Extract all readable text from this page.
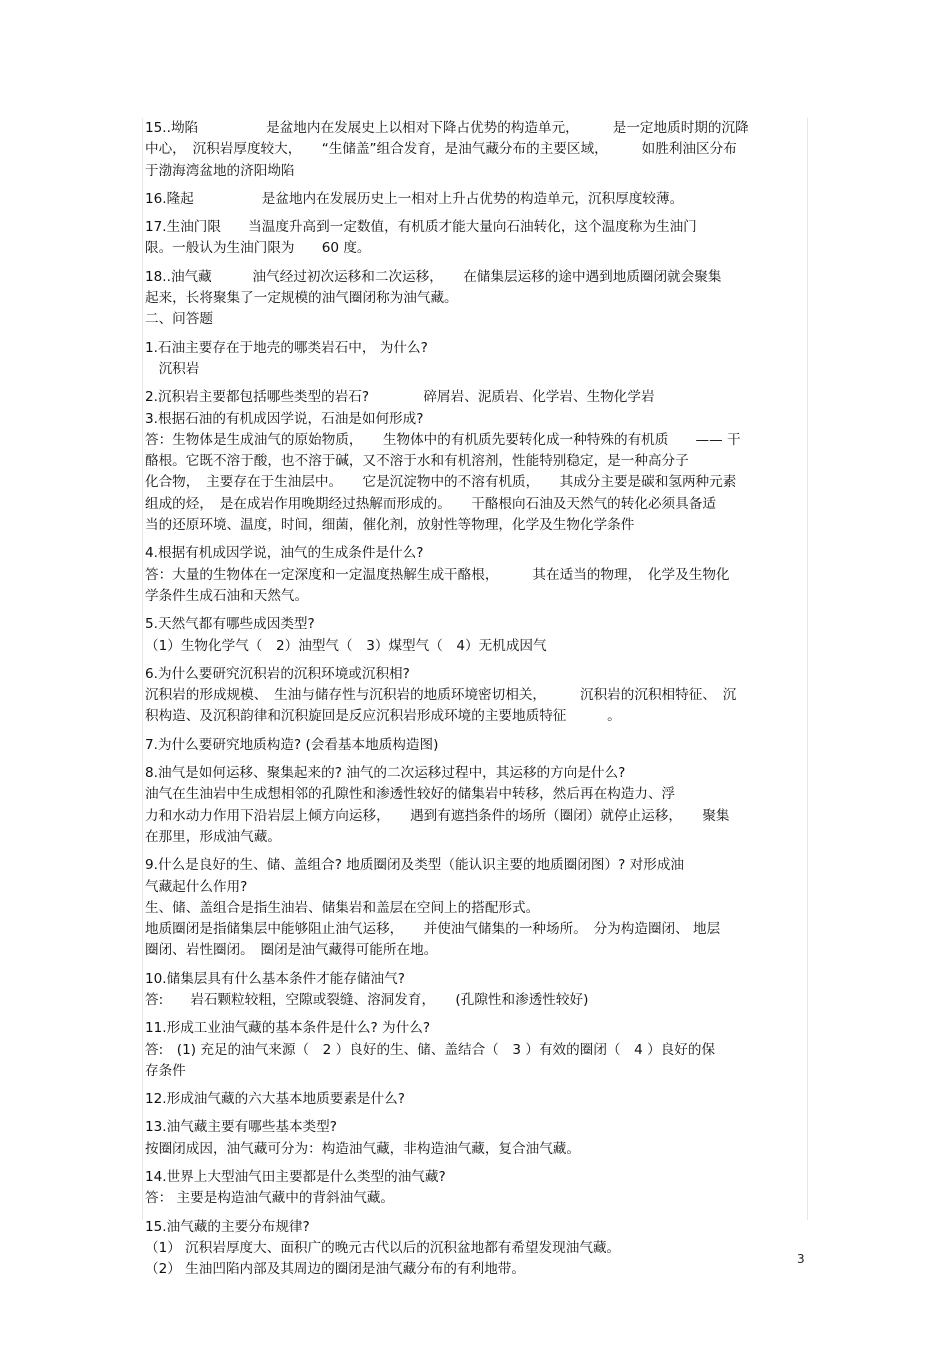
15..坳陷　　　　　是盆地内在发展史上以相对下降占优势的构造单元，　　　是一定地质时期的沉降
中心，　沉积岩厚度较大，　　“生储盖”组合发育，是油气藏分布的主要区域，　　　如胜利油区分布
于渤海湾盆地的济阳坳陷
16.隆起　　　　　是盆地内在发展历史上一相对上升占优势的构造单元，沉积厚度较薄。
17.生油门限　　当温度升高到一定数值，有机质才能大量向石油转化，这个温度称为生油门
限。一般认为生油门限为　　60 度。
18..油气藏　　　油气经过初次运移和二次运移，　　在储集层运移的途中遇到地质圈闭就会聚集
起来，长将聚集了一定规模的油气圈闭称为油气藏。
二、问答题
1.石油主要存在于地壳的哪类岩石中， 为什么?
　沉积岩
2.沉积岩主要都包括哪些类型的岩石?　　　　碎屑岩、泥质岩、化学岩、生物化学岩
3.根据石油的有机成因学说，石油是如何形成?
答：生物体是生成油气的原始物质，　　生物体中的有机质先要转化成一种特殊的有机质　　—— 干
酪根。它既不溶于酸，也不溶于碱，又不溶于水和有机溶剂，性能特别稳定，是一种高分子
化合物，　主要存在于生油层中。　　它是沉淀物中的不溶有机质，　　其成分主要是碳和氢两种元素
组成的烃，　是在成岩作用晚期经过热解而形成的。　　干酪根向石油及天然气的转化必须具备适
当的还原环境、温度，时间，细菌，催化剂，放射性等物理，化学及生物化学条件
4.根据有机成因学说，油气的生成条件是什么?
答：大量的生物体在一定深度和一定温度热解生成干酪根，　　　其在适当的物理，　化学及生物化
学条件生成石油和天然气。
5.天然气都有哪些成因类型?
（1）生物化学气（　2）油型气（　3）煤型气（　4）无机成因气
6.为什么要研究沉积岩的沉积环境或沉积相?
沉积岩的形成规模、　生油与储存性与沉积岩的地质环境密切相关，　　　沉积岩的沉积相特征、　沉
积构造、及沉积韵律和沉积旋回是反应沉积岩形成环境的主要地质特征　　　。
7.为什么要研究地质构造? (会看基本地质构造图)
8.油气是如何运移、聚集起来的? 油气的二次运移过程中，其运移的方向是什么?
油气在生油岩中生成想相邻的孔隙性和渗透性较好的储集岩中转移，然后再在构造力、浮
力和水动力作用下沿岩层上倾方向运移，　　遇到有遮挡条件的场所（圈闭）就停止运移，　　聚集
在那里，形成油气藏。
9.什么是良好的生、储、盖组合? 地质圈闭及类型（能认识主要的地质圈闭图）? 对形成油
气藏起什么作用?
生、储、盖组合是指生油岩、储集岩和盖层在空间上的搭配形式。
地质圈闭是指储集层中能够阻止油气运移，　　并使油气储集的一种场所。　分为构造圈闭、 地层
圈闭、岩性圈闭。　圈闭是油气藏得可能所在地。
10.储集层具有什么基本条件才能存储油气?
答:　　岩石颗粒较粗，空隙或裂缝、溶洞发育，　　(孔隙性和渗透性较好)
11.形成工业油气藏的基本条件是什么? 为什么?
答:　(1) 充足的油气来源（　2 ）良好的生、储、盖结合（　3 ）有效的圈闭（　4 ）良好的保
存条件
12.形成油气藏的六大基本地质要素是什么?
13.油气藏主要有哪些基本类型?
按圈闭成因，油气藏可分为：构造油气藏，非构造油气藏，复合油气藏。
14.世界上大型油气田主要都是什么类型的油气藏?
答： 主要是构造油气藏中的背斜油气藏。
15.油气藏的主要分布规律?
（1） 沉积岩厚度大、面积广的晚元古代以后的沉积盆地都有希望发现油气藏。
（2） 生油凹陷内部及其周边的圈闭是油气藏分布的有利地带。
3
